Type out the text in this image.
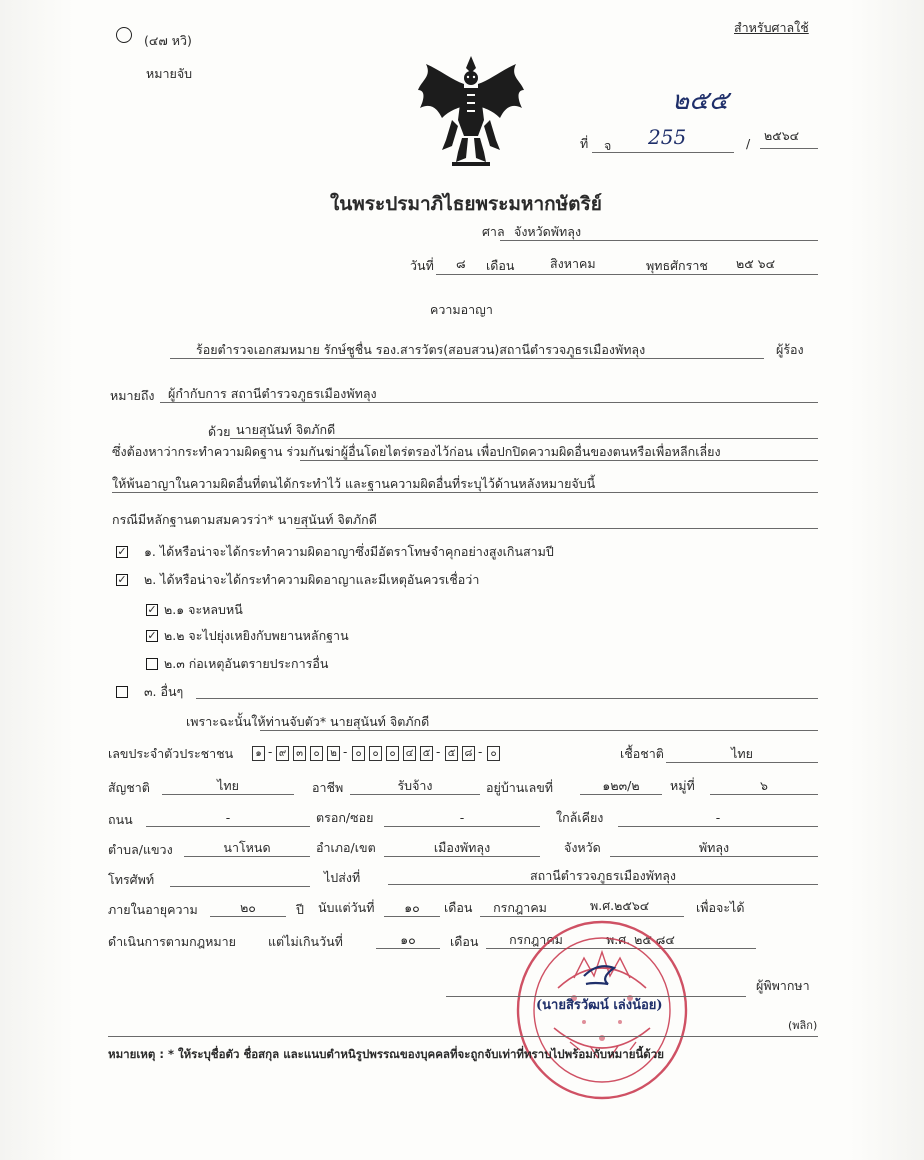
(๔๗ หวิ)
หมายจับ
สำหรับศาลใช้
๒๕๕
ที่ จ 255	/
๒๕๖๔
ในพระปรมาภิไธยพระมหากษัตริย์
ศาล จังหวัดพัทลุง
วันที่ ๘ เดือน	สิงหาคม	พุทธศักราช ๒๕ ๖๔
ความอาญา
ร้อยตำรวจเอกสมหมาย รักษ์ชูชื่น รอง.สารวัตร(สอบสวน)สถานีตำรวจภูธรเมืองพัทลุง	ผู้ร้อง
หมายถึง ผู้กำกับการ สถานีตำรวจภูธรเมืองพัทลุง
ด้วย นายสุนันท์ จิตภักดี
ซึ่งต้องหาว่ากระทำความผิดฐาน ร่วมกันฆ่าผู้อื่นโดยไตร่ตรองไว้ก่อน เพื่อปกปิดความผิดอื่นของตนหรือเพื่อหลีกเลี่ยง
ให้พ้นอาญาในความผิดอื่นที่ตนได้กระทำไว้ และฐานความผิดอื่นที่ระบุไว้ด้านหลังหมายจับนี้
กรณีมีหลักฐานตามสมควรว่า* นายสุนันท์ จิตภักดี
✓ ๑. ได้หรือน่าจะได้กระทำความผิดอาญาซึ่งมีอัตราโทษจำคุกอย่างสูงเกินสามปี
✓ ๒. ได้หรือน่าจะได้กระทำความผิดอาญาและมีเหตุอันควรเชื่อว่า
✓ ๒.๑ จะหลบหนี
✓ ๒.๒ จะไปยุ่งเหยิงกับพยานหลักฐาน
๒.๓ ก่อเหตุอันตรายประการอื่น
๓. อื่นๆ
เพราะฉะนั้นให้ท่านจับตัว* นายสุนันท์ จิตภักดี
เลขประจำตัวประชาชน	๑ - ๙ ๓	๐	๒ - ๐	๐	๐	๔ ๕ - ๕ ๘ - ๐	เชื้อชาติ	ไทย
สัญชาติ	ไทย	อาชีพ	รับจ้าง	อยู่บ้านเลขที่	๑๒๓/๒	หมู่ที่	๖
ถนน	-	ตรอก/ซอย	-	ใกล้เคียง	-
ตำบล/แขวง	นาโหนด	อำเภอ/เขต	เมืองพัทลุง	จังหวัด	พัทลุง
โทรศัพท์	ไปส่งที่	สถานีตำรวจภูธรเมืองพัทลุง
ภายในอายุความ	๒๐	ปี นับแต่วันที่	๑๐	เดือน	กรกฎาคม	พ.ศ.๒๕๖๔	เพื่อจะได้
ดำเนินการตามกฎหมาย	แต่ไม่เกินวันที่	๑๐	เดือน	กรกฎาคม	พ.ศ. ๒๕ ๘๔
(นายสิรวัฒน์ เล่งน้อย)
ผู้พิพากษา
(พลิก)
หมายเหตุ : * ให้ระบุชื่อตัว ชื่อสกุล และแนบตำหนิรูปพรรณของบุคคลที่จะถูกจับเท่าที่ทราบไปพร้อมกับหมายนี้ด้วย
